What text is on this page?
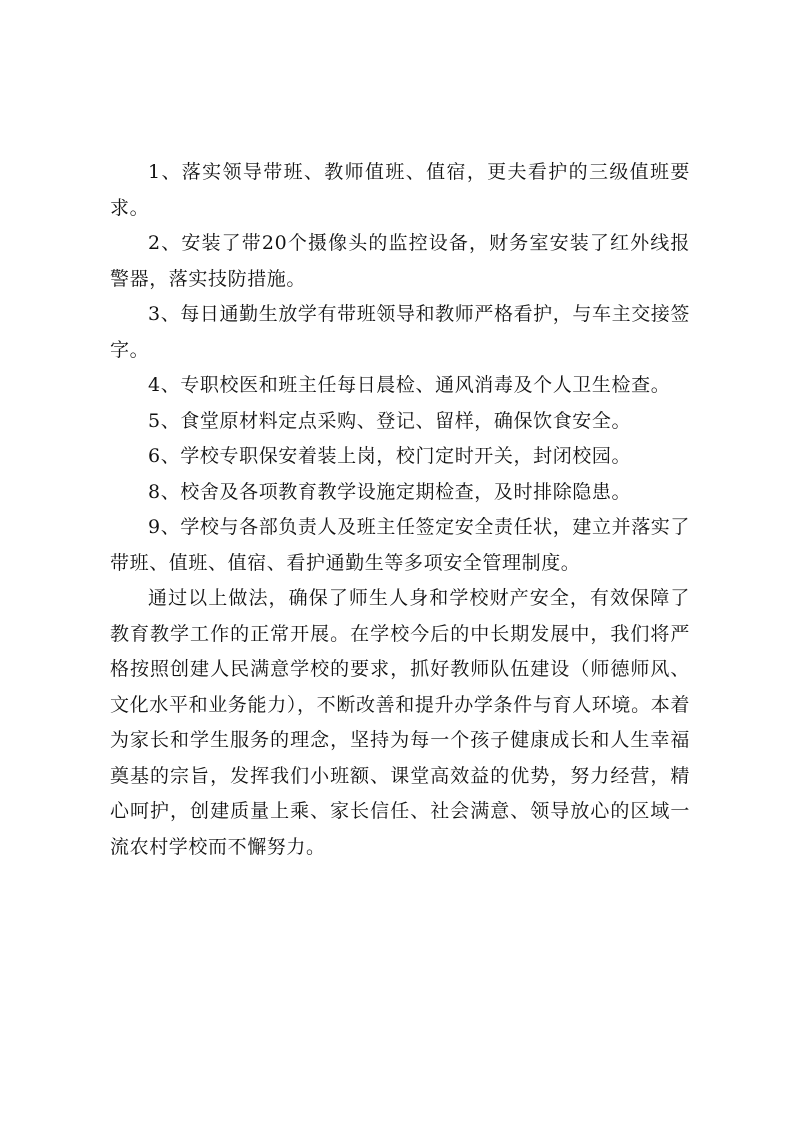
1、落实领导带班、教师值班、值宿，更夫看护的三级值班要求。

2、安装了带20个摄像头的监控设备，财务室安装了红外线报警器，落实技防措施。

3、每日通勤生放学有带班领导和教师严格看护，与车主交接签字。

4、专职校医和班主任每日晨检、通风消毒及个人卫生检查。

5、食堂原材料定点采购、登记、留样，确保饮食安全。

6、学校专职保安着装上岗，校门定时开关，封闭校园。

8、校舍及各项教育教学设施定期检查，及时排除隐患。

9、学校与各部负责人及班主任签定安全责任状，建立并落实了带班、值班、值宿、看护通勤生等多项安全管理制度。

通过以上做法，确保了师生人身和学校财产安全，有效保障了教育教学工作的正常开展。在学校今后的中长期发展中，我们将严格按照创建人民满意学校的要求，抓好教师队伍建设（师德师风、文化水平和业务能力），不断改善和提升办学条件与育人环境。本着为家长和学生服务的理念，坚持为每一个孩子健康成长和人生幸福奠基的宗旨，发挥我们小班额、课堂高效益的优势，努力经营，精心呵护，创建质量上乘、家长信任、社会满意、领导放心的区域一流农村学校而不懈努力。
